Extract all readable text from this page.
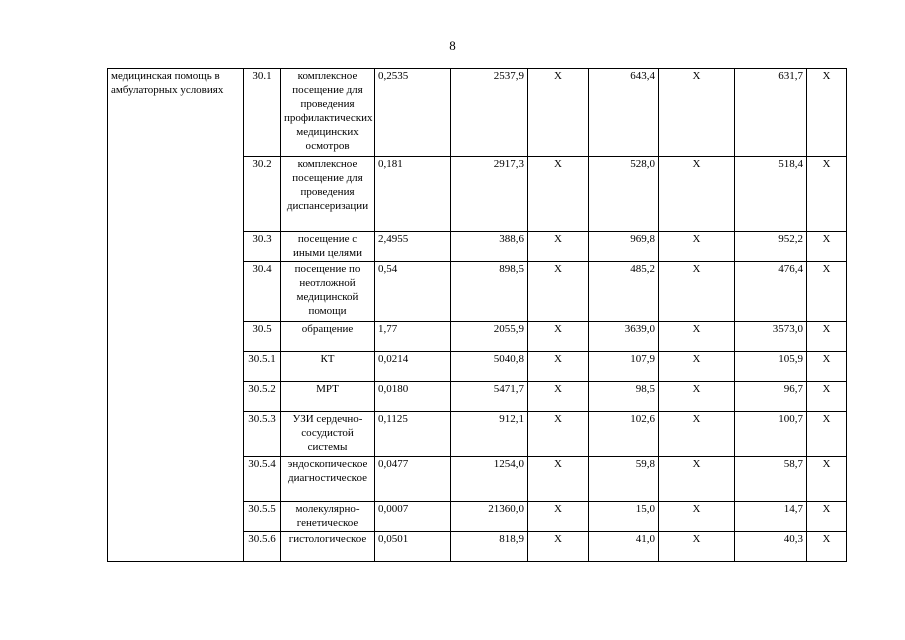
8
медицинская помощь в амбулаторных условиях	30.1	комплексное посещение для проведения профилактических медицинских осмотров	0,2535	2537,9	X	643,4	X	631,7	X
	30.2	комплексное посещение для проведения диспансеризации	0,181	2917,3	X	528,0	X	518,4	X
	30.3	посещение с иными целями	2,4955	388,6	X	969,8	X	952,2	X
	30.4	посещение по неотложной медицинской помощи	0,54	898,5	X	485,2	X	476,4	X
	30.5	обращение	1,77	2055,9	X	3639,0	X	3573,0	X
	30.5.1	КТ	0,0214	5040,8	X	107,9	X	105,9	X
	30.5.2	МРТ	0,0180	5471,7	X	98,5	X	96,7	X
	30.5.3	УЗИ сердечно-сосудистой системы	0,1125	912,1	X	102,6	X	100,7	X
	30.5.4	эндоскопическое диагностическое	0,0477	1254,0	X	59,8	X	58,7	X
	30.5.5	молекулярно-генетическое	0,0007	21360,0	X	15,0	X	14,7	X
	30.5.6	гистологическое	0,0501	818,9	X	41,0	X	40,3	X
